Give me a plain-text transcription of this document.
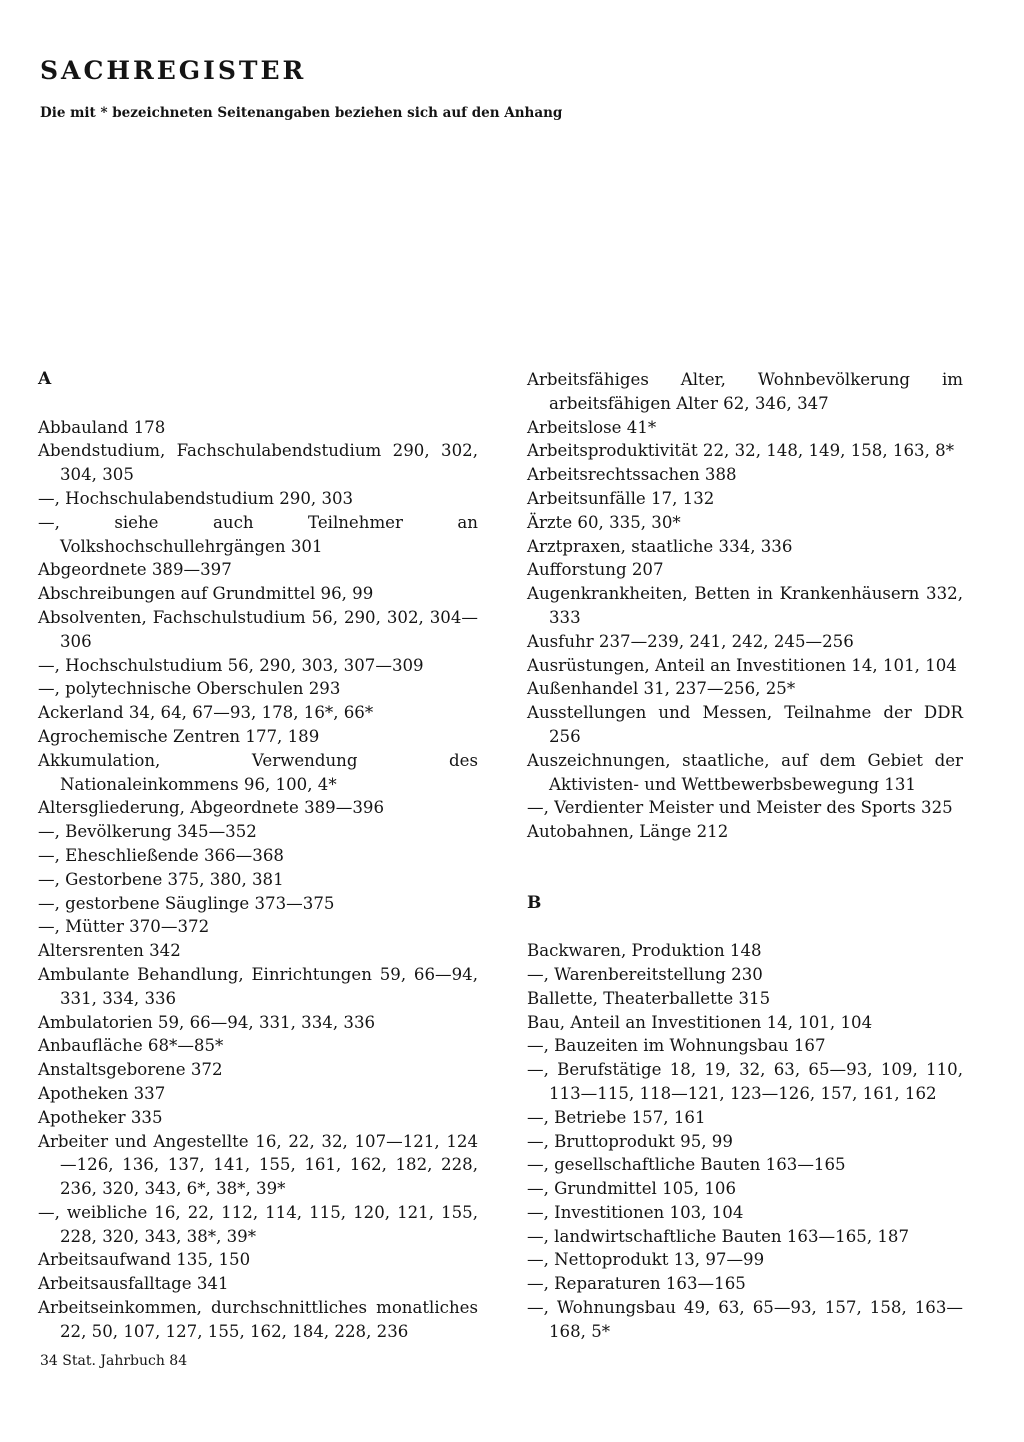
SACHREGISTER
Die mit * bezeichneten Seitenangaben beziehen sich auf den Anhang
A
Abbauland 178
Abendstudium, Fachschulabendstudium 290, 302, 304, 305
—, Hochschulabendstudium 290, 303
—, siehe auch Teilnehmer an Volkshochschullehrgängen 301
Abgeordnete 389—397
Abschreibungen auf Grundmittel 96, 99
Absolventen, Fachschulstudium 56, 290, 302, 304—306
—, Hochschulstudium 56, 290, 303, 307—309
—, polytechnische Oberschulen 293
Ackerland 34, 64, 67—93, 178, 16*, 66*
Agrochemische Zentren 177, 189
Akkumulation, Verwendung des Nationaleinkommens 96, 100, 4*
Altersgliederung, Abgeordnete 389—396
—, Bevölkerung 345—352
—, Eheschließende 366—368
—, Gestorbene 375, 380, 381
—, gestorbene Säuglinge 373—375
—, Mütter 370—372
Altersrenten 342
Ambulante Behandlung, Einrichtungen 59, 66—94, 331, 334, 336
Ambulatorien 59, 66—94, 331, 334, 336
Anbaufläche 68*—85*
Anstaltsgeborene 372
Apotheken 337
Apotheker 335
Arbeiter und Angestellte 16, 22, 32, 107—121, 124—126, 136, 137, 141, 155, 161, 162, 182, 228, 236, 320, 343, 6*, 38*, 39*
—, weibliche 16, 22, 112, 114, 115, 120, 121, 155, 228, 320, 343, 38*, 39*
Arbeitsaufwand 135, 150
Arbeitsausfalltage 341
Arbeitseinkommen, durchschnittliches monatliches 22, 50, 107, 127, 155, 162, 184, 228, 236
Arbeitsfähiges Alter, Wohnbevölkerung im arbeitsfähigen Alter 62, 346, 347
Arbeitslose 41*
Arbeitsproduktivität 22, 32, 148, 149, 158, 163, 8*
Arbeitsrechtssachen 388
Arbeitsunfälle 17, 132
Ärzte 60, 335, 30*
Arztpraxen, staatliche 334, 336
Aufforstung 207
Augenkrankheiten, Betten in Krankenhäusern 332, 333
Ausfuhr 237—239, 241, 242, 245—256
Ausrüstungen, Anteil an Investitionen 14, 101, 104
Außenhandel 31, 237—256, 25*
Ausstellungen und Messen, Teilnahme der DDR 256
Auszeichnungen, staatliche, auf dem Gebiet der Aktivisten- und Wettbewerbsbewegung 131
—, Verdienter Meister und Meister des Sports 325
Autobahnen, Länge 212
B
Backwaren, Produktion 148
—, Warenbereitstellung 230
Ballette, Theaterballette 315
Bau, Anteil an Investitionen 14, 101, 104
—, Bauzeiten im Wohnungsbau 167
—, Berufstätige 18, 19, 32, 63, 65—93, 109, 110, 113—115, 118—121, 123—126, 157, 161, 162
—, Betriebe 157, 161
—, Bruttoprodukt 95, 99
—, gesellschaftliche Bauten 163—165
—, Grundmittel 105, 106
—, Investitionen 103, 104
—, landwirtschaftliche Bauten 163—165, 187
—, Nettoprodukt 13, 97—99
—, Reparaturen 163—165
—, Wohnungsbau 49, 63, 65—93, 157, 158, 163—168, 5*
34 Stat. Jahrbuch 84
